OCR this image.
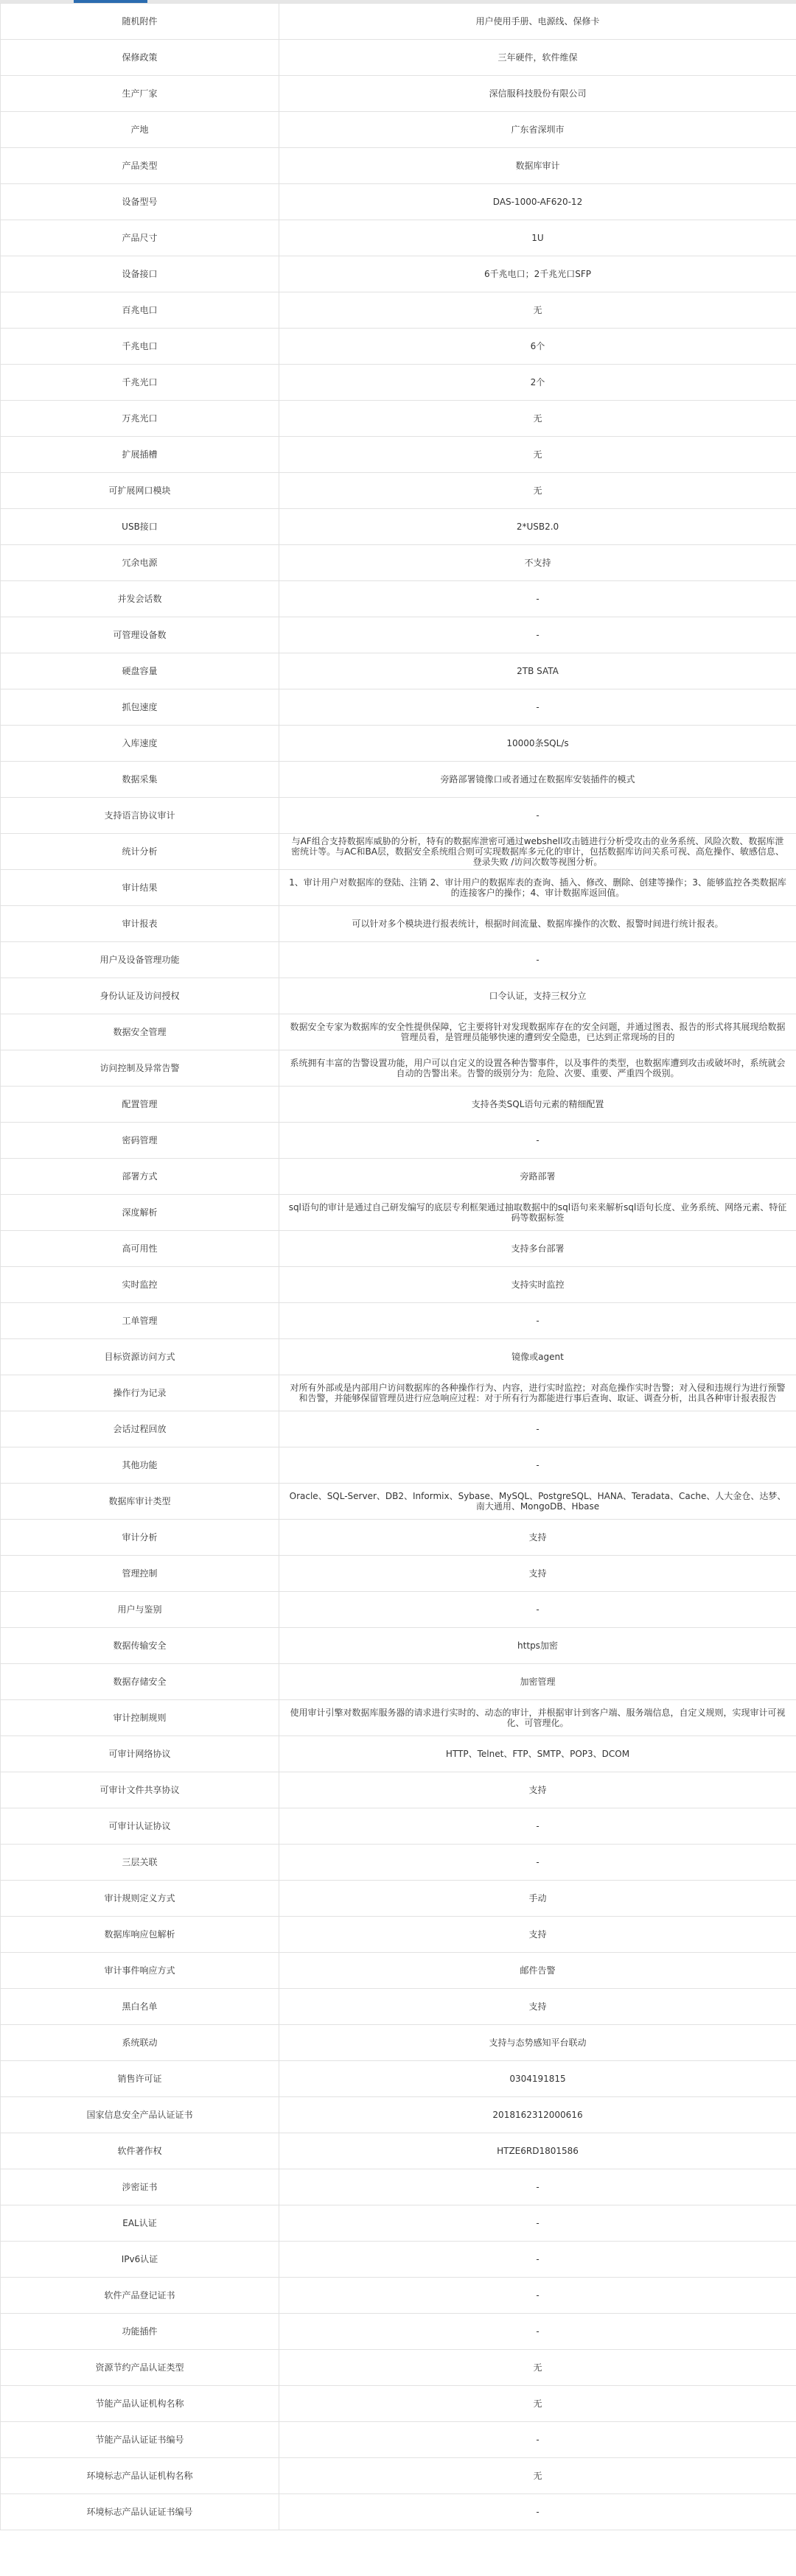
随机附件	用户使用手册、电源线、保修卡
保修政策	三年硬件，软件维保
生产厂家	深信服科技股份有限公司
产地	广东省深圳市
产品类型	数据库审计
设备型号	DAS-1000-AF620-12
产品尺寸	1U
设备接口	6千兆电口；2千兆光口SFP
百兆电口	无
千兆电口	6个
千兆光口	2个
万兆光口	无
扩展插槽	无
可扩展网口模块	无
USB接口	2*USB2.0
冗余电源	不支持
并发会话数	-
可管理设备数	-
硬盘容量	2TB SATA
抓包速度	-
入库速度	10000条SQL/s
数据采集	旁路部署镜像口或者通过在数据库安装插件的模式
支持语言协议审计	-
统计分析	与AF组合支持数据库威胁的分析，特有的数据库泄密可通过webshell攻击链进行分析受攻击的业务系统、风险次数、数据库泄密统计等。与AC和BA层，数据安全系统组合则可实现数据库多元化的审计，包括数据库访问关系可视、高危操作、敏感信息、登录失败 /访问次数等视图分析。
审计结果	1、审计用户对数据库的登陆、注销 2、审计用户的数据库表的查询、插入、修改、删除、创建等操作；3、能够监控各类数据库的连接客户的操作；4、审计数据库返回值。
审计报表	可以针对多个模块进行报表统计，根据时间流量、数据库操作的次数、报警时间进行统计报表。
用户及设备管理功能	-
身份认证及访问授权	口令认证，支持三权分立
数据安全管理	数据安全专家为数据库的安全性提供保障，它主要将针对发现数据库存在的安全问题，并通过图表、报告的形式将其展现给数据管理员看，是管理员能够快速的遭到安全隐患，已达到正常现场的目的
访问控制及异常告警	系统拥有丰富的告警设置功能，用户可以自定义的设置各种告警事件，以及事件的类型，也数据库遭到攻击或破坏时，系统就会自动的告警出来。告警的级别分为：危险、次要、重要、严重四个级别。
配置管理	支持各类SQL语句元素的精细配置
密码管理	-
部署方式	旁路部署
深度解析	sql语句的审计是通过自己研发编写的底层专利框架通过抽取数据中的sql语句来来解析sql语句长度、业务系统、网络元素、特征码等数据标签
高可用性	支持多台部署
实时监控	支持实时监控
工单管理	-
目标资源访问方式	镜像或agent
操作行为记录	对所有外部或是内部用户访问数据库的各种操作行为、内容，进行实时监控；对高危操作实时告警；对入侵和违规行为进行预警和告警，并能够保留管理员进行应急响应过程：对于所有行为都能进行事后查询、取证、调查分析，出具各种审计报表报告
会话过程回放	-
其他功能	-
数据库审计类型	Oracle、SQL-Server、DB2、Informix、Sybase、MySQL、PostgreSQL、HANA、Teradata、Cache、人大金仓、达梦、南大通用、MongoDB、Hbase
审计分析	支持
管理控制	支持
用户与鉴别	-
数据传输安全	https加密
数据存储安全	加密管理
审计控制规则	使用审计引擎对数据库服务器的请求进行实时的、动态的审计，并根据审计到客户端、服务端信息，自定义规则，实现审计可视化、可管理化。
可审计网络协议	HTTP、Telnet、FTP、SMTP、POP3、DCOM
可审计文件共享协议	支持
可审计认证协议	-
三层关联	-
审计规则定义方式	手动
数据库响应包解析	支持
审计事件响应方式	邮件告警
黑白名单	支持
系统联动	支持与态势感知平台联动
销售许可证	0304191815
国家信息安全产品认证证书	2018162312000616
软件著作权	HTZE6RD1801586
涉密证书	-
EAL认证	-
IPv6认证	-
软件产品登记证书	-
功能插件	-
资源节约产品认证类型	无
节能产品认证机构名称	无
节能产品认证证书编号	-
环境标志产品认证机构名称	无
环境标志产品认证证书编号	-
